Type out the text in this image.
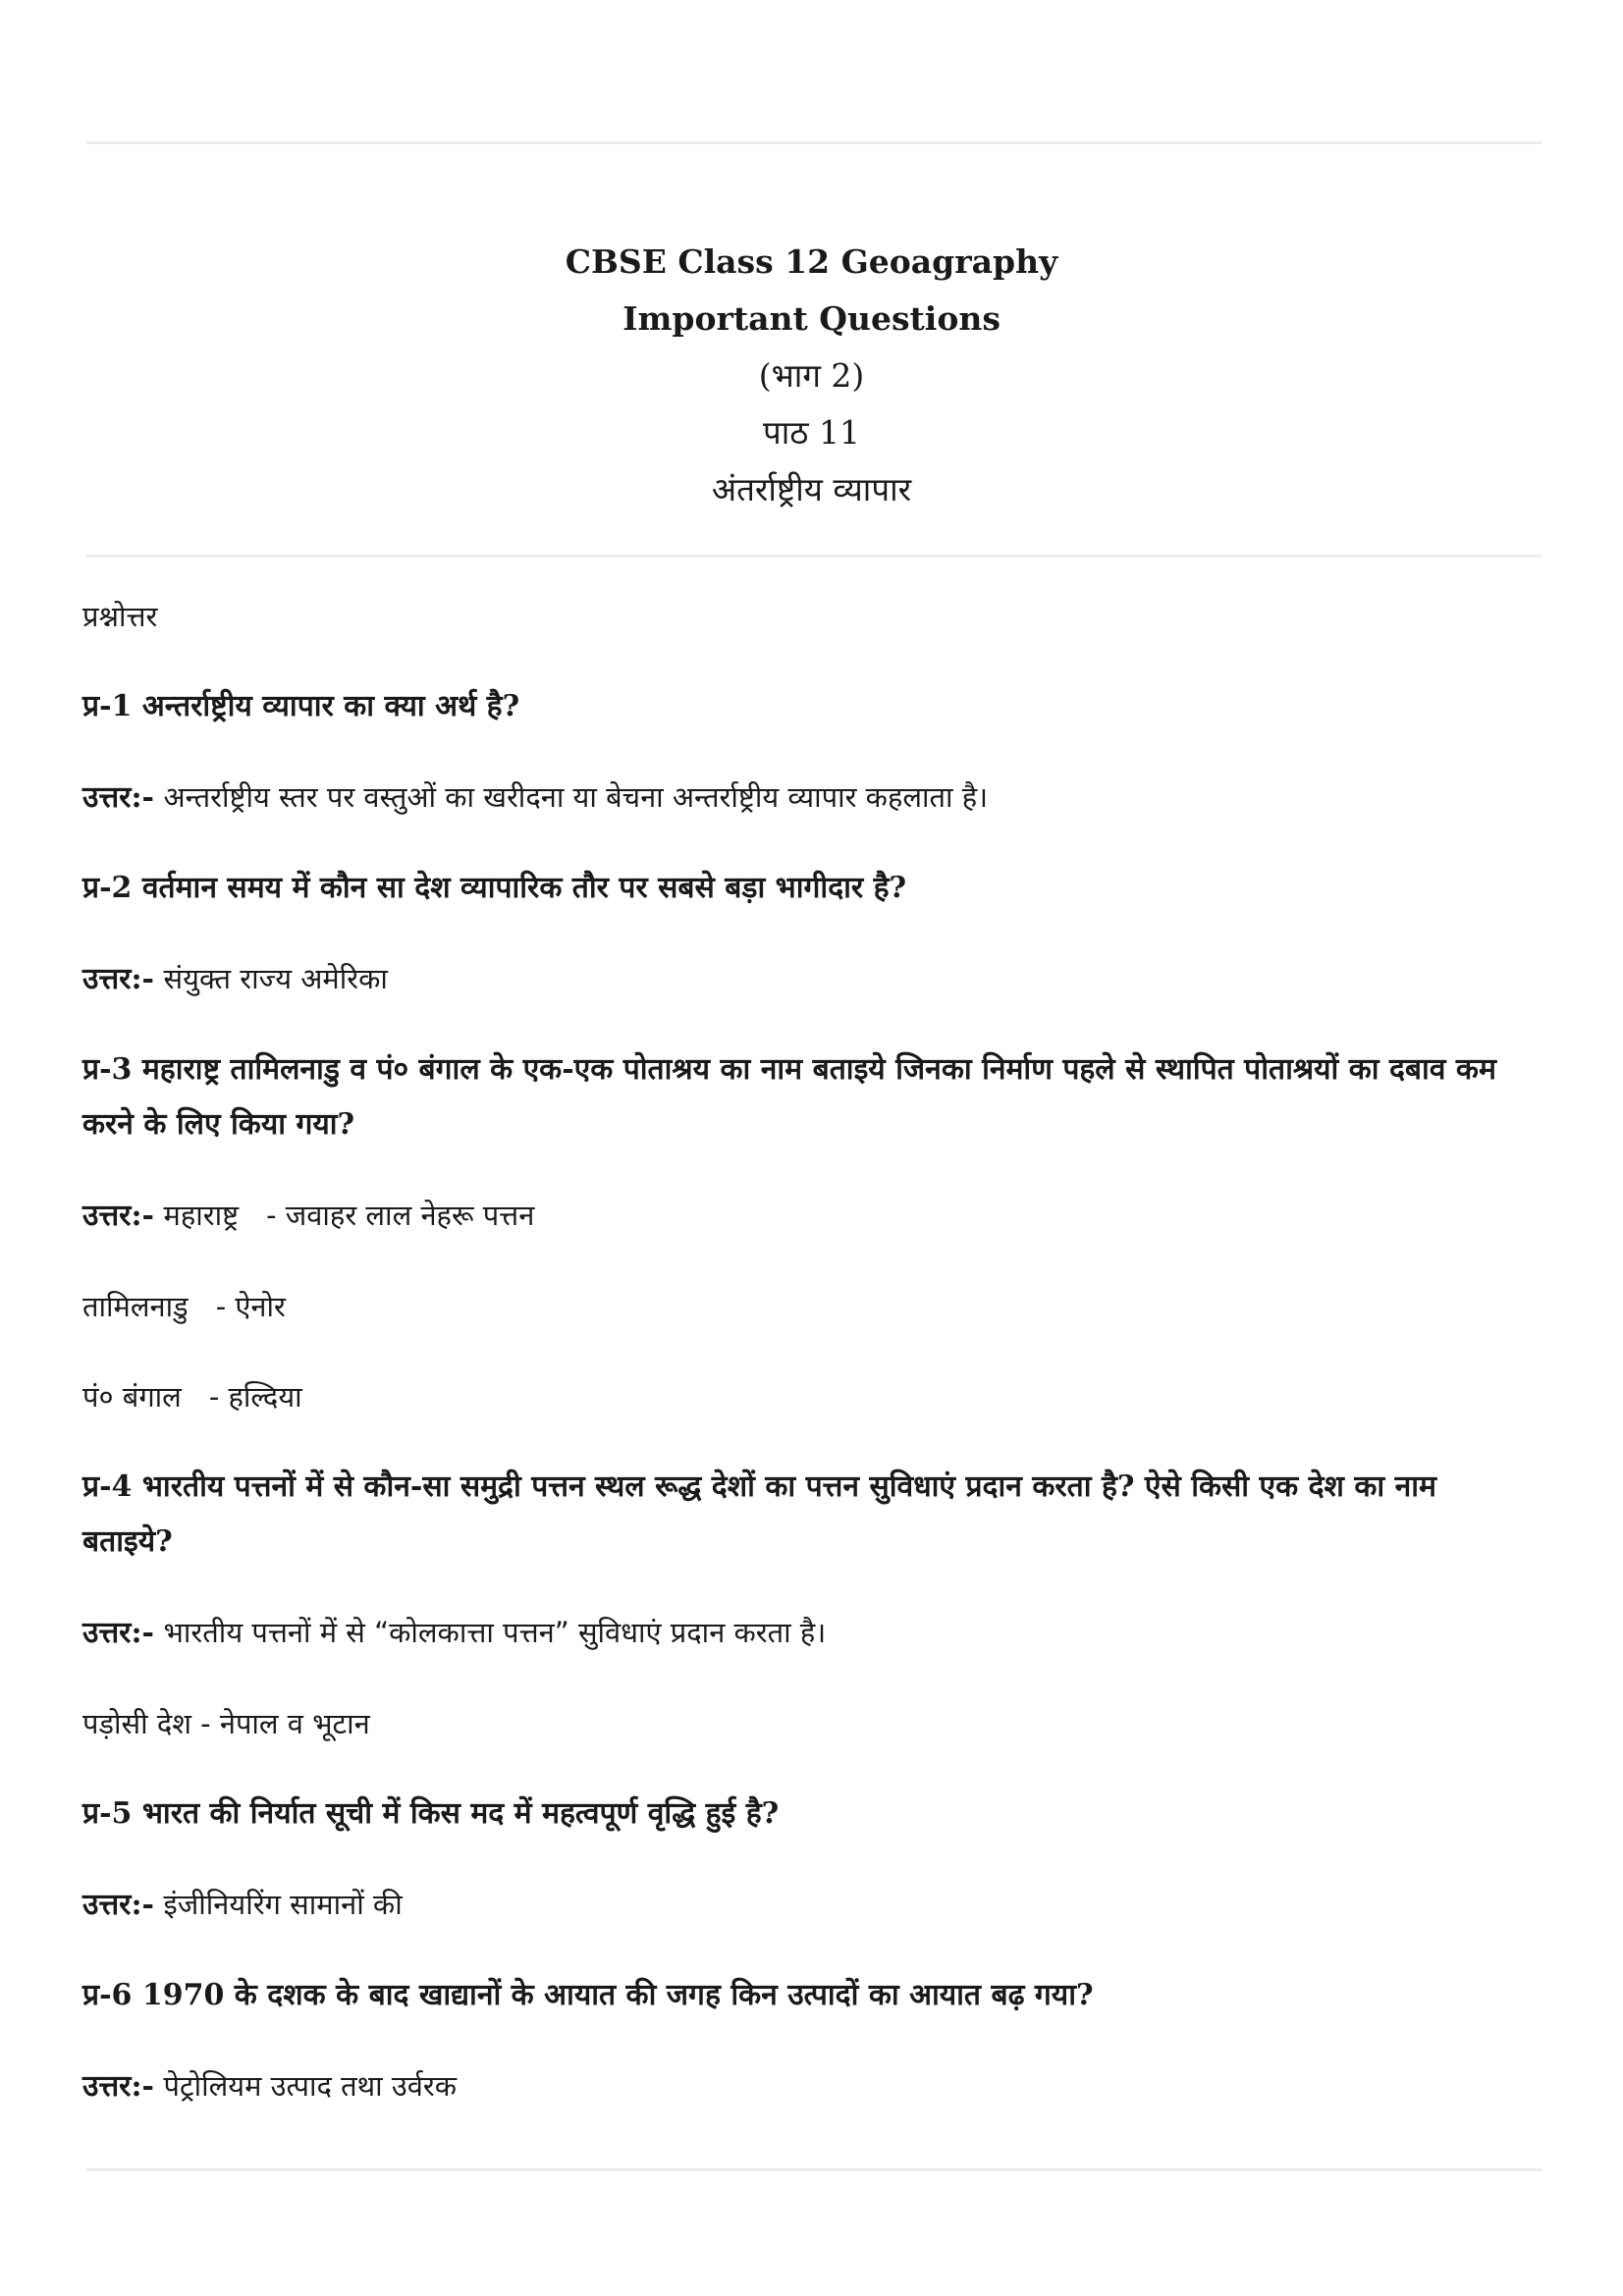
CBSE Class 12 Geoagraphy
Important Questions
(भाग 2)
पाठ 11
अंतर्राष्ट्रीय व्यापार

प्रश्नोत्तर

प्र-1 अन्तर्राष्ट्रीय व्यापार का क्या अर्थ है?

उत्तर:- अन्तर्राष्ट्रीय स्तर पर वस्तुओं का खरीदना या बेचना अन्तर्राष्ट्रीय व्यापार कहलाता है।

प्र-2 वर्तमान समय में कौन सा देश व्यापारिक तौर पर सबसे बड़ा भागीदार है?

उत्तर:- संयुक्त राज्य अमेरिका

प्र-3 महाराष्ट्र तामिलनाडु व पं० बंगाल के एक-एक पोताश्रय का नाम बताइये जिनका निर्माण पहले से स्थापित पोताश्रयों का दबाव कम करने के लिए किया गया?

उत्तर:- महाराष्ट्र - जवाहर लाल नेहरू पत्तन

तामिलनाडु - ऐनोर

पं० बंगाल - हल्दिया

प्र-4 भारतीय पत्तनों में से कौन-सा समुद्री पत्तन स्थल रूद्ध देशों का पत्तन सुविधाएं प्रदान करता है? ऐसे किसी एक देश का नाम बताइये?

उत्तर:- भारतीय पत्तनों में से “कोलकात्ता पत्तन” सुविधाएं प्रदान करता है।

पड़ोसी देश - नेपाल व भूटान

प्र-5 भारत की निर्यात सूची में किस मद में महत्वपूर्ण वृद्धि हुई है?

उत्तर:- इंजीनियरिंग सामानों की

प्र-6 1970 के दशक के बाद खाद्यानों के आयात की जगह किन उत्पादों का आयात बढ़ गया?

उत्तर:- पेट्रोलियम उत्पाद तथा उर्वरक
